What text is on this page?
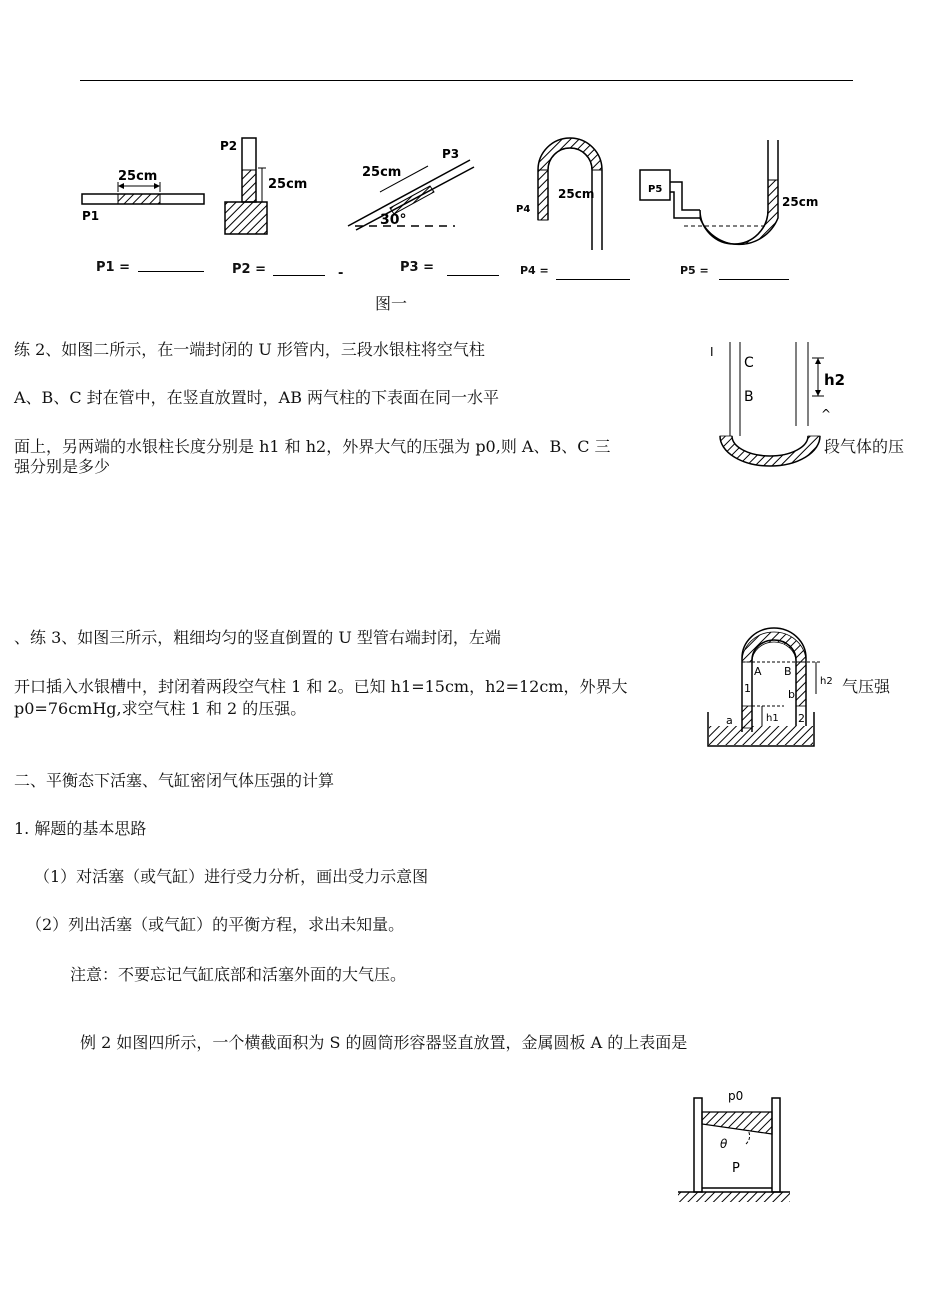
25cm
P1
25cm
P2
25cm
30°
P3
25cm
P4
25cm
P5
P1 =	P2 =	-	P3 =	P4 =	P5 =
图一
练 2、如图二所示，在一端封闭的 U 形管内，三段水银柱将空气柱
A、B、C 封在管中，在竖直放置时，AB 两气柱的下表面在同一水平
面上，另两端的水银柱长度分别是 h1 和 h2，外界大气的压强为 p0,则 A、B、C 三	段气体的压
强分别是多少
I
C
B
h2
^
、练 3、如图三所示，粗细均匀的竖直倒置的 U 型管右端封闭，左端
开口插入水银槽中，封闭着两段空气柱 1 和 2。已知 h1=15cm，h2=12cm，外界大	气压强
p0=76cmHg,求空气柱 1 和 2 的压强。
A B
1
2
a
b
h1
h2
二、平衡态下活塞、气缸密闭气体压强的计算
1. 解题的基本思路
（1）对活塞（或气缸）进行受力分析，画出受力示意图
（2）列出活塞（或气缸）的平衡方程，求出未知量。
注意：不要忘记气缸底部和活塞外面的大气压。
例 2 如图四所示，一个横截面积为 S 的圆筒形容器竖直放置，金属圆板 A 的上表面是
p0
θ
P
